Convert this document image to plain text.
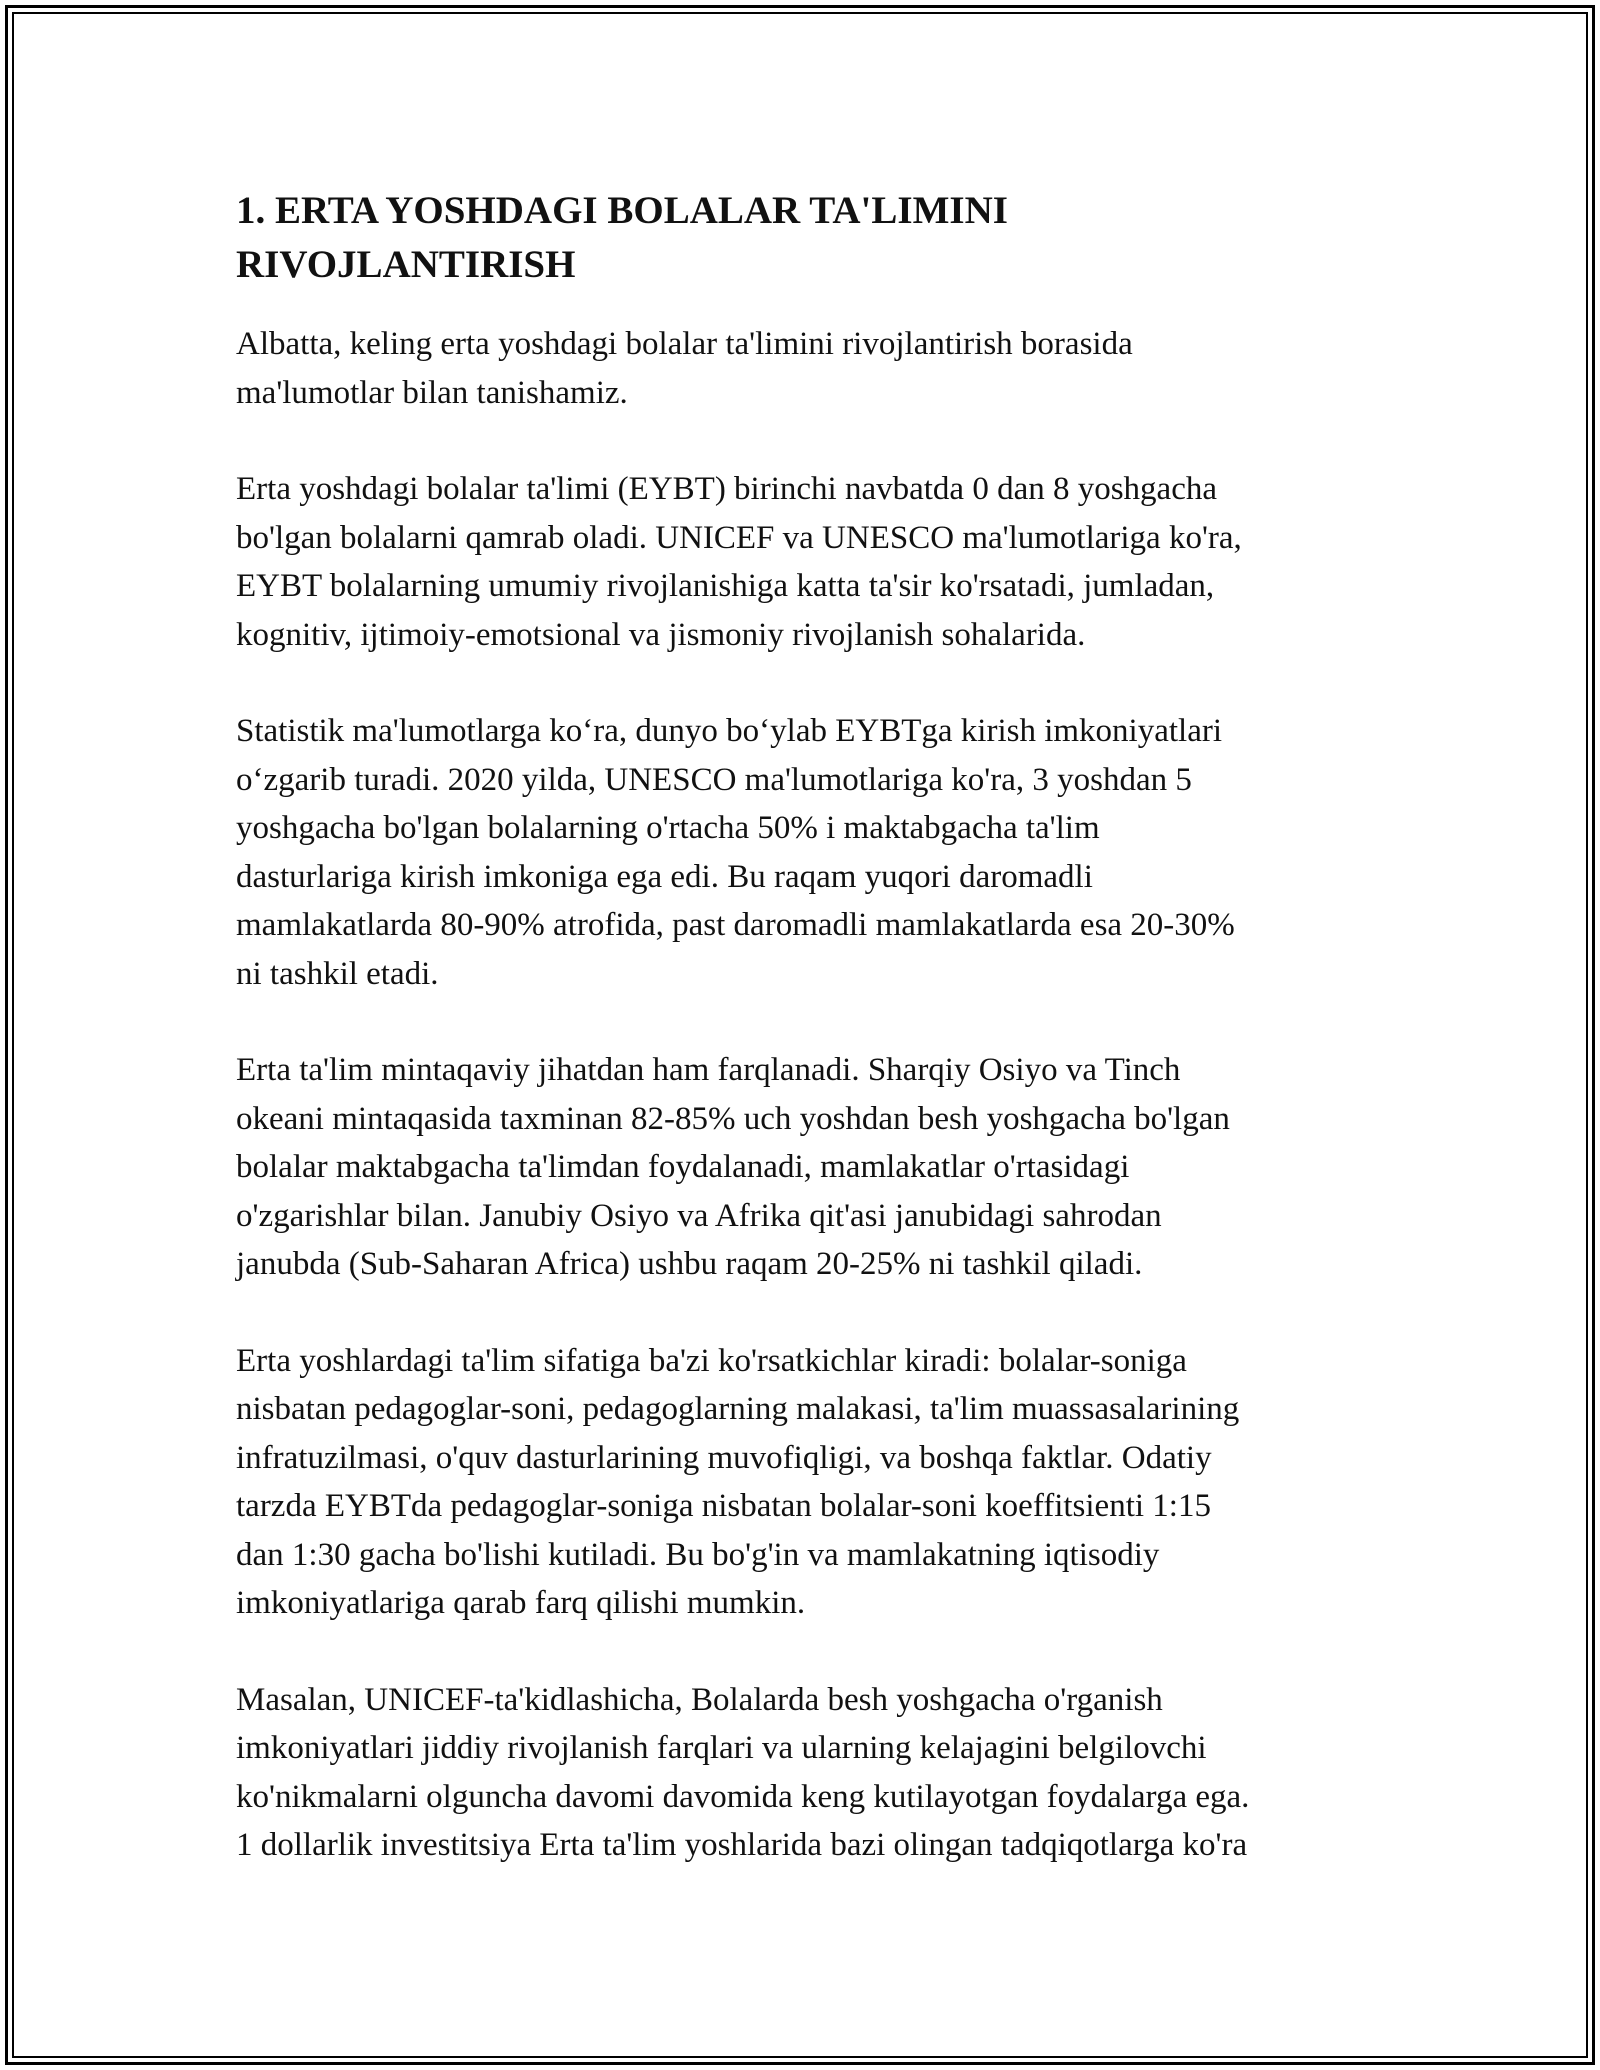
1. ERTA YOSHDAGI BOLALAR TA'LIMINI
RIVOJLANTIRISH

Albatta, keling erta yoshdagi bolalar ta'limini rivojlantirish borasida
ma'lumotlar bilan tanishamiz.

Erta yoshdagi bolalar ta'limi (EYBT) birinchi navbatda 0 dan 8 yoshgacha
bo'lgan bolalarni qamrab oladi. UNICEF va UNESCO ma'lumotlariga ko'ra,
EYBT bolalarning umumiy rivojlanishiga katta ta'sir ko'rsatadi, jumladan,
kognitiv, ijtimoiy-emotsional va jismoniy rivojlanish sohalarida.

Statistik ma'lumotlarga ko‘ra, dunyo bo‘ylab EYBTga kirish imkoniyatlari
o‘zgarib turadi. 2020 yilda, UNESCO ma'lumotlariga ko'ra, 3 yoshdan 5
yoshgacha bo'lgan bolalarning o'rtacha 50% i maktabgacha ta'lim
dasturlariga kirish imkoniga ega edi. Bu raqam yuqori daromadli
mamlakatlarda 80-90% atrofida, past daromadli mamlakatlarda esa 20-30%
ni tashkil etadi.

Erta ta'lim mintaqaviy jihatdan ham farqlanadi. Sharqiy Osiyo va Tinch
okeani mintaqasida taxminan 82-85% uch yoshdan besh yoshgacha bo'lgan
bolalar maktabgacha ta'limdan foydalanadi, mamlakatlar o'rtasidagi
o'zgarishlar bilan. Janubiy Osiyo va Afrika qit'asi janubidagi sahrodan
janubda (Sub-Saharan Africa) ushbu raqam 20-25% ni tashkil qiladi.

Erta yoshlardagi ta'lim sifatiga ba'zi ko'rsatkichlar kiradi: bolalar-soniga
nisbatan pedagoglar-soni, pedagoglarning malakasi, ta'lim muassasalarining
infratuzilmasi, o'quv dasturlarining muvofiqligi, va boshqa faktlar. Odatiy
tarzda EYBTda pedagoglar-soniga nisbatan bolalar-soni koeffitsienti 1:15
dan 1:30 gacha bo'lishi kutiladi. Bu bo'g'in va mamlakatning iqtisodiy
imkoniyatlariga qarab farq qilishi mumkin.

Masalan, UNICEF-ta'kidlashicha, Bolalarda besh yoshgacha o'rganish
imkoniyatlari jiddiy rivojlanish farqlari va ularning kelajagini belgilovchi
ko'nikmalarni olguncha davomi davomida keng kutilayotgan foydalarga ega.
1 dollarlik investitsiya Erta ta'lim yoshlarida bazi olingan tadqiqotlarga ko'ra
